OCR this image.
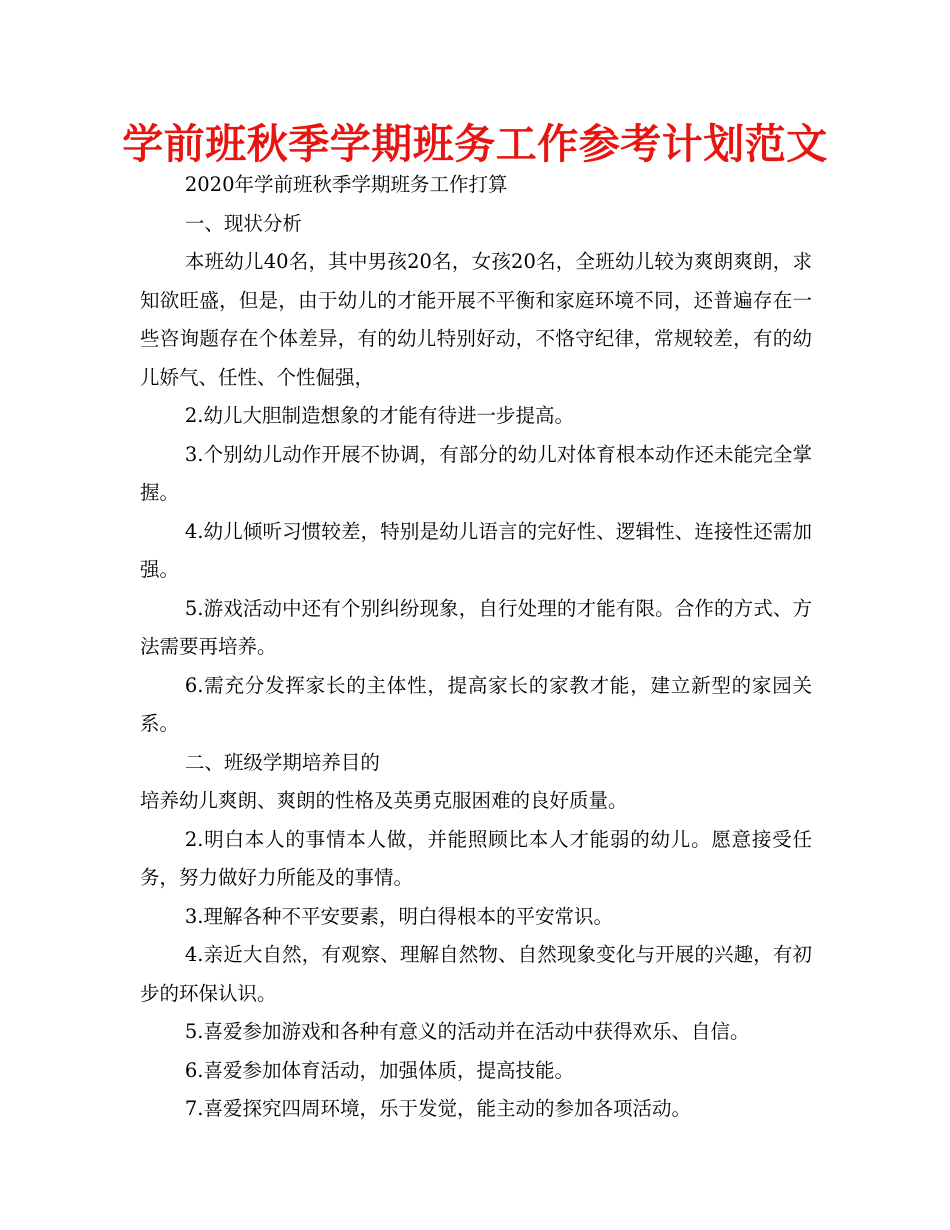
学前班秋季学期班务工作参考计划范文

2020年学前班秋季学期班务工作打算

一、现状分析

本班幼儿40名，其中男孩20名，女孩20名，全班幼儿较为爽朗爽朗，求知欲旺盛，但是，由于幼儿的才能开展不平衡和家庭环境不同，还普遍存在一些咨询题存在个体差异，有的幼儿特别好动，不恪守纪律，常规较差，有的幼儿娇气、任性、个性倔强，

2.幼儿大胆制造想象的才能有待进一步提高。

3.个别幼儿动作开展不协调，有部分的幼儿对体育根本动作还未能完全掌握。

4.幼儿倾听习惯较差，特别是幼儿语言的完好性、逻辑性、连接性还需加强。

5.游戏活动中还有个别纠纷现象，自行处理的才能有限。合作的方式、方法需要再培养。

6.需充分发挥家长的主体性，提高家长的家教才能，建立新型的家园关系。

二、班级学期培养目的

培养幼儿爽朗、爽朗的性格及英勇克服困难的良好质量。

2.明白本人的事情本人做，并能照顾比本人才能弱的幼儿。愿意接受任务，努力做好力所能及的事情。

3.理解各种不平安要素，明白得根本的平安常识。

4.亲近大自然，有观察、理解自然物、自然现象变化与开展的兴趣，有初步的环保认识。

5.喜爱参加游戏和各种有意义的活动并在活动中获得欢乐、自信。

6.喜爱参加体育活动，加强体质，提高技能。

7.喜爱探究四周环境，乐于发觉，能主动的参加各项活动。
